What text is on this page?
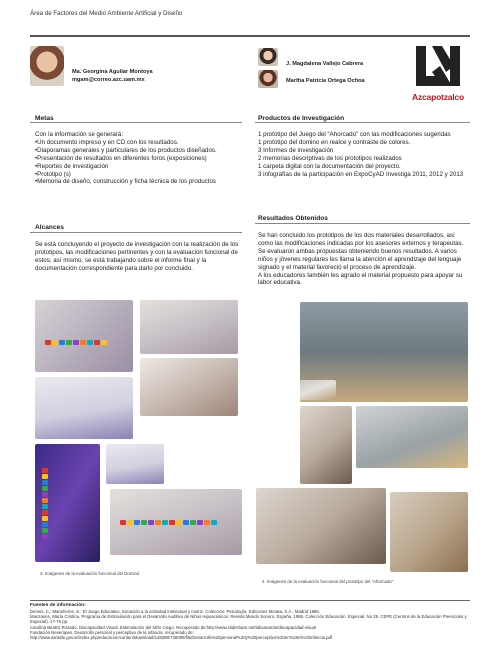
Área de Factores del Medio Ambiente Artificial y Diseño
Ma. Georgina Aguilar Montoya
mgam@correo.azc.uam.mx
J. Magdalena Vallejo Cabrera
Martha Patricia Ortega Ochoa
Azcapotzalco
Metas

Con la información se generará:

•Un documento impreso y en CD con los resultados.

•Diaporamas generales y particulares de los productos diseñados.

•Presentación de resultados en diferentes foros (exposiciones)

•Reportes de investigación

•Prototipo (s)

•Memoria de diseño, construcción y ficha técnica de los productos

Alcances
Se está concluyendo el proyecto de investigación con la realización de los prototipos, las modificaciones pertinentes y con la evaluación funcional de estos; así mismo, se está trabajando sobre el informe final y la documentación correspondiente para darlo por concluido.
Productos de Investigación

1 prototipo del Juego del “Ahorcado” con las modificaciones sugeridas

1 prototipo del domino en realce y contraste de colores.

3 Informes de investigación

2 memorias descriptivas de los prototipos realizados

1 carpeta digital con la documentación del proyecto.

3 infografías de la participación en ExpoCyAD Investiga 2011, 2012 y 2013

Resultados Obtenidos
Se han concluido los prototipos de los dos materiales desarrollados, así como las modificaciones indicadas por los asesores externos y terapeutas.
Se evaluaron ambas propuestas obteniendo buenos resultados. A varios niños y jóvenes regulares les llama la atención el aprendizaje del lenguaje signado y el material favoreció el proceso de aprendizaje.
A los educadores también les agrado el material propuesto para apoyar su labor educativa.
3. Imágenes de la evaluación funcional del Dominó
4. Imágenes de la evaluación funcional del prototipo del “Ahorcado”
Fuentes de información:

Dennis, C.; Mansherne, E.: El Juego Educativo, Iniciación a la actividad intelectual y motriz. Colección: Psicología. Ediciones Morata, S.A.; Madrid 1986.

Manzanes, María Cristina. Programa de Estimulación para el Desarrollo Auditivo de Niños Hipoacúsicos. Revista Mundo Sonoro. España. 1986. Colección Educación. Especial. No 25. CEPE (Centros de la Educación Preescolar y Especial). 17-76 pp.

Carolina Beatriz Rosado. Discapacidad Visual. Estimulación del Niño Ciego. Recuperado de:http://www.slideshare.net/lafoutuardo/discapacidad-visual

Fundación Neverapes. Desarrollo personal y perceptivo de la infancia. recuperado de: http://www.santafe.gov.ar/index.php/educacion/content/download/148288/730095/file/Desarrollo%20personal%20y%20perceptivo%20en%20el%20infancia.pdf
